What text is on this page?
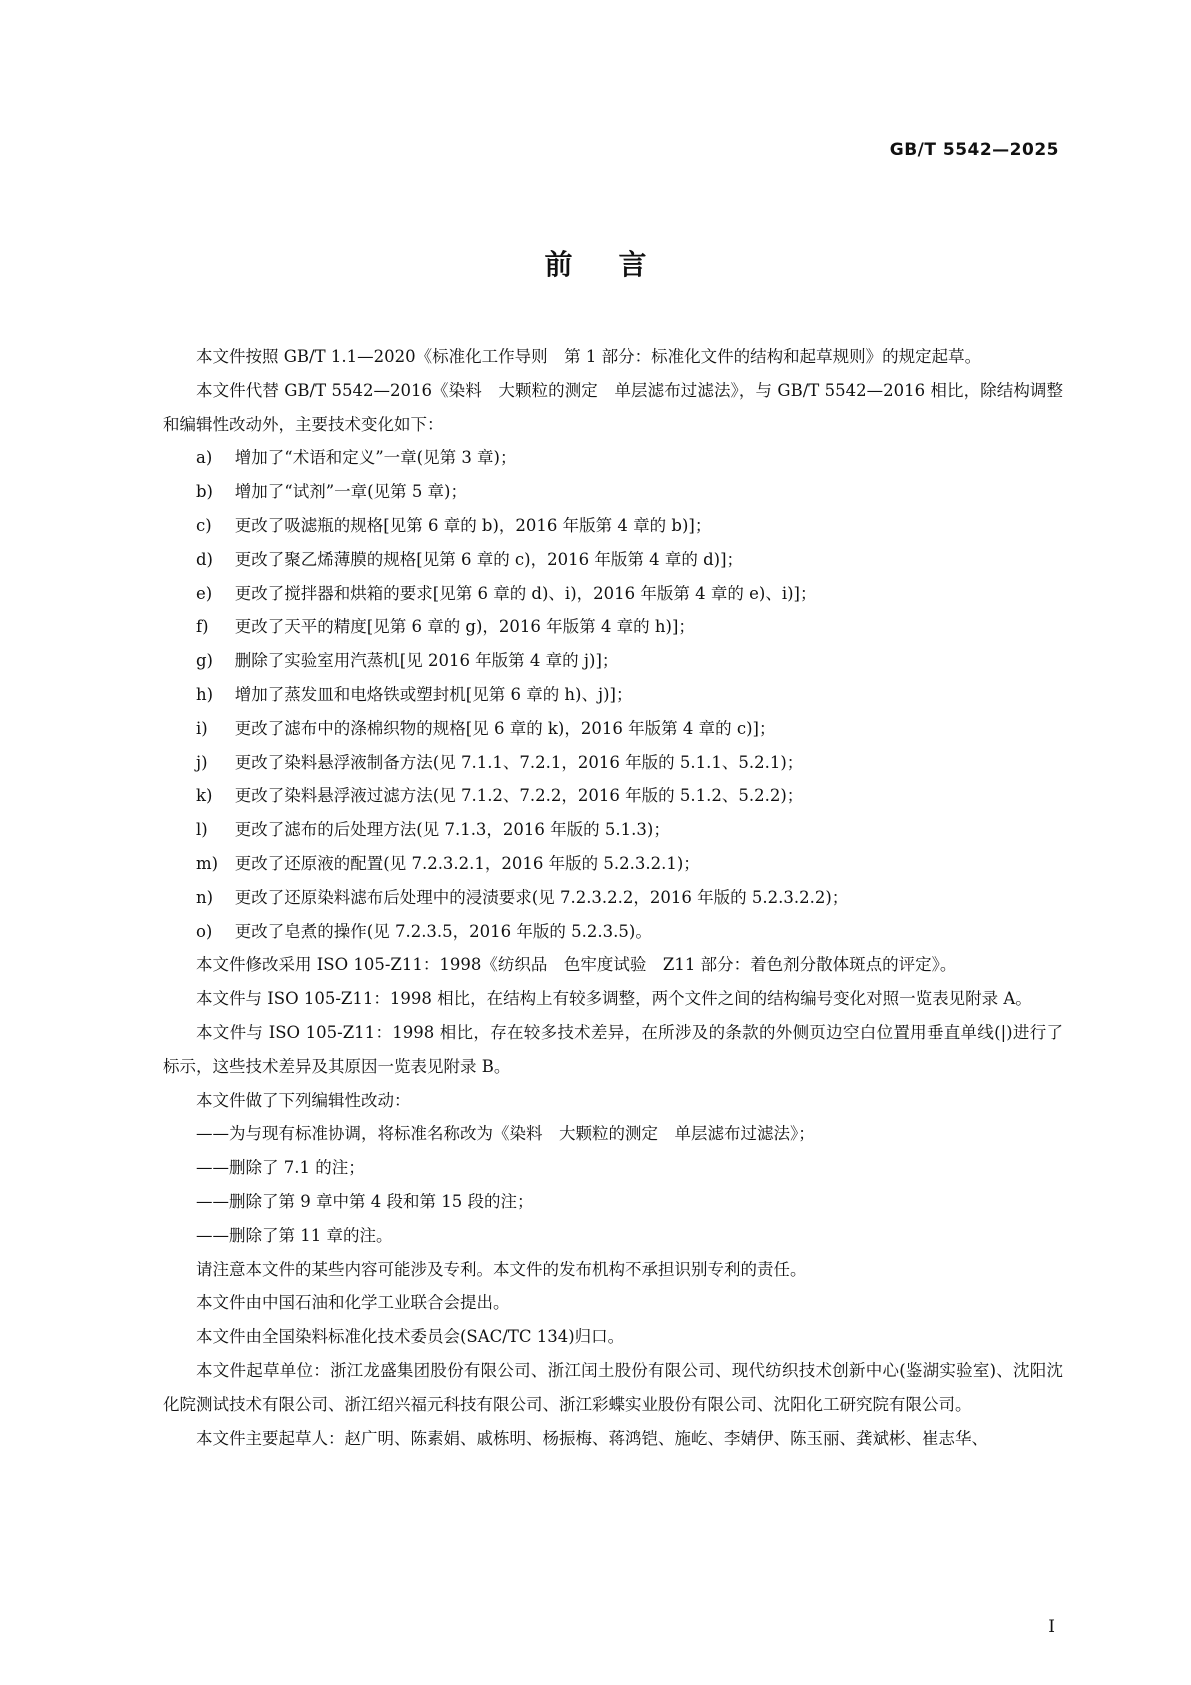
GB/T 5542—2025
前言

本文件按照 GB/T 1.1—2020《标准化工作导则　第 1 部分：标准化文件的结构和起草规则》的规定起草。

本文件代替 GB/T 5542—2016《染料　大颗粒的测定　单层滤布过滤法》，与 GB/T 5542—2016 相比，除结构调整和编辑性改动外，主要技术变化如下：

a) 增加了“术语和定义”一章(见第 3 章)；
b) 增加了“试剂”一章(见第 5 章)；
c) 更改了吸滤瓶的规格[见第 6 章的 b)，2016 年版第 4 章的 b)]；
d) 更改了聚乙烯薄膜的规格[见第 6 章的 c)，2016 年版第 4 章的 d)]；
e) 更改了搅拌器和烘箱的要求[见第 6 章的 d)、i)，2016 年版第 4 章的 e)、i)]；
f) 更改了天平的精度[见第 6 章的 g)，2016 年版第 4 章的 h)]；
g) 删除了实验室用汽蒸机[见 2016 年版第 4 章的 j)]；
h) 增加了蒸发皿和电烙铁或塑封机[见第 6 章的 h)、j)]；
i) 更改了滤布中的涤棉织物的规格[见 6 章的 k)，2016 年版第 4 章的 c)]；
j) 更改了染料悬浮液制备方法(见 7.1.1、7.2.1，2016 年版的 5.1.1、5.2.1)；
k) 更改了染料悬浮液过滤方法(见 7.1.2、7.2.2，2016 年版的 5.1.2、5.2.2)；
l) 更改了滤布的后处理方法(见 7.1.3，2016 年版的 5.1.3)；
m) 更改了还原液的配置(见 7.2.3.2.1，2016 年版的 5.2.3.2.1)；
n) 更改了还原染料滤布后处理中的浸渍要求(见 7.2.3.2.2，2016 年版的 5.2.3.2.2)；
o) 更改了皂煮的操作(见 7.2.3.5，2016 年版的 5.2.3.5)。

本文件修改采用 ISO 105-Z11：1998《纺织品　色牢度试验　Z11 部分：着色剂分散体斑点的评定》。

本文件与 ISO 105-Z11：1998 相比，在结构上有较多调整，两个文件之间的结构编号变化对照一览表见附录 A。

本文件与 ISO 105-Z11：1998 相比，存在较多技术差异，在所涉及的条款的外侧页边空白位置用垂直单线(|)进行了标示，这些技术差异及其原因一览表见附录 B。

本文件做了下列编辑性改动：

——为与现有标准协调，将标准名称改为《染料　大颗粒的测定　单层滤布过滤法》；
——删除了 7.1 的注；
——删除了第 9 章中第 4 段和第 15 段的注；
——删除了第 11 章的注。

请注意本文件的某些内容可能涉及专利。本文件的发布机构不承担识别专利的责任。

本文件由中国石油和化学工业联合会提出。

本文件由全国染料标准化技术委员会(SAC/TC 134)归口。

本文件起草单位：浙江龙盛集团股份有限公司、浙江闰土股份有限公司、现代纺织技术创新中心(鉴湖实验室)、沈阳沈化院测试技术有限公司、浙江绍兴福元科技有限公司、浙江彩蝶实业股份有限公司、沈阳化工研究院有限公司。

本文件主要起草人：赵广明、陈素娟、戚栋明、杨振梅、蒋鸿铠、施屹、李婧伊、陈玉丽、龚斌彬、崔志华、

I
